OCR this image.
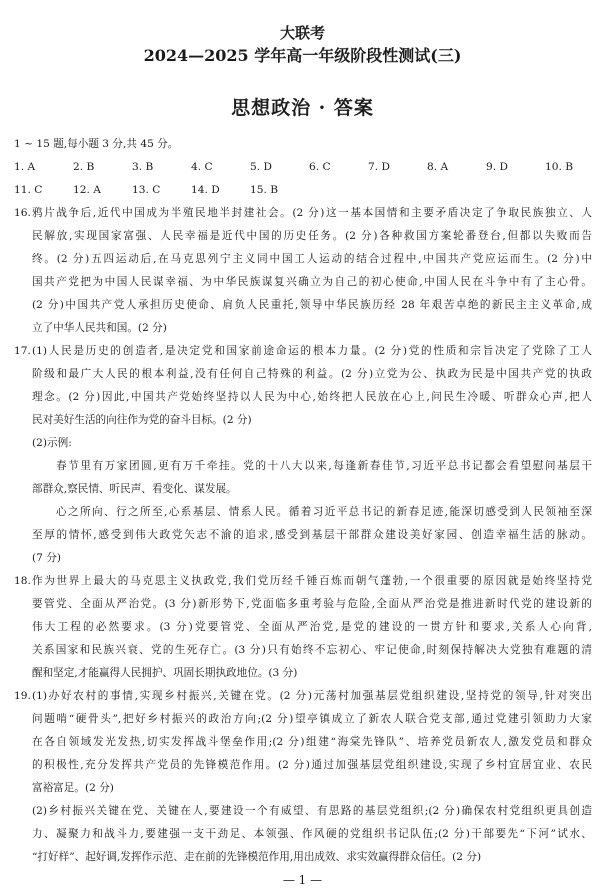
大联考
2024—2025 学年高一年级阶段性测试(三)
思想政治 · 答案
1 ~ 15 题,每小题 3 分,共 45 分。
1. A	2. B	3. B	4. C	5. D	6. C	7. D	8. A	9. D	10. B
11. C	12. A	13. C	14. D	15. B
16. 鸦片战争后,近代中国成为半殖民地半封建社会。(2 分)这一基本国情和主要矛盾决定了争取民族独立、人
民解放,实现国家富强、人民幸福是近代中国的历史任务。(2 分)各种救国方案轮番登台,但都以失败而告
终。(2 分)五四运动后,在马克思列宁主义同中国工人运动的结合过程中,中国共产党应运而生。(2 分)中
国共产党把为中国人民谋幸福、为中华民族谋复兴确立为自己的初心使命,中国人民在斗争中有了主心骨。
(2 分)中国共产党人承担历史使命、肩负人民重托,领导中华民族历经 28 年艰苦卓绝的新民主主义革命,成
立了中华人民共和国。(2 分)
17. (1)人民是历史的创造者,是决定党和国家前途命运的根本力量。(2 分)党的性质和宗旨决定了党除了工人
阶级和最广大人民的根本利益,没有任何自己特殊的利益。(2 分)立党为公、执政为民是中国共产党的执政
理念。(2 分)因此,中国共产党始终坚持以人民为中心,始终把人民放在心上,问民生冷暖、听群众心声,把人
民对美好生活的向往作为党的奋斗目标。(2 分)
(2)示例:
春节里有万家团圆,更有万千牵挂。党的十八大以来,每逢新春佳节,习近平总书记都会看望慰问基层干
部群众,察民情、听民声、看变化、谋发展。
心之所向、行之所至,心系基层、情系人民。循着习近平总书记的新春足迹,能深切感受到人民领袖至深
至厚的情怀,感受到伟大政党矢志不渝的追求,感受到基层干部群众建设美好家园、创造幸福生活的脉动。
(7 分)
18. 作为世界上最大的马克思主义执政党,我们党历经千锤百炼而朝气蓬勃,一个很重要的原因就是始终坚持党
要管党、全面从严治党。(3 分)新形势下,党面临多重考验与危险,全面从严治党是推进新时代党的建设新的
伟大工程的必然要求。(3 分)党要管党、全面从严治党,是党的建设的一贯方针和要求,关系人心向背,
关系国家和民族兴衰、党的生死存亡。(3 分)只有始终不忘初心、牢记使命,时刻保持解决大党独有难题的清
醒和坚定,才能赢得人民拥护、巩固长期执政地位。(3 分)
19. (1)办好农村的事情,实现乡村振兴,关键在党。(2 分)元荡村加强基层党组织建设,坚持党的领导,针对突出
问题啃“硬骨头”,把好乡村振兴的政治方向;(2 分)望亭镇成立了新农人联合党支部,通过党建引领助力大家
在各自领域发光发热,切实发挥战斗堡垒作用;(2 分)组建“海棠先锋队”、培养党员新农人,激发党员和群众
的积极性,充分发挥共产党员的先锋模范作用。(2 分)通过加强基层党组织建设,实现了乡村宜居宜业、农民
富裕富足。(2 分)
(2)乡村振兴关键在党、关键在人,要建设一个有威望、有思路的基层党组织;(2 分)确保农村党组织更具创造
力、凝聚力和战斗力,要建强一支干劲足、本领强、作风硬的党组织书记队伍;(2 分)干部要先“下河”试水、
“打好样”、起好调,发挥作示范、走在前的先锋模范作用,用出成效、求实效赢得群众信任。(2 分)
— 1 —
